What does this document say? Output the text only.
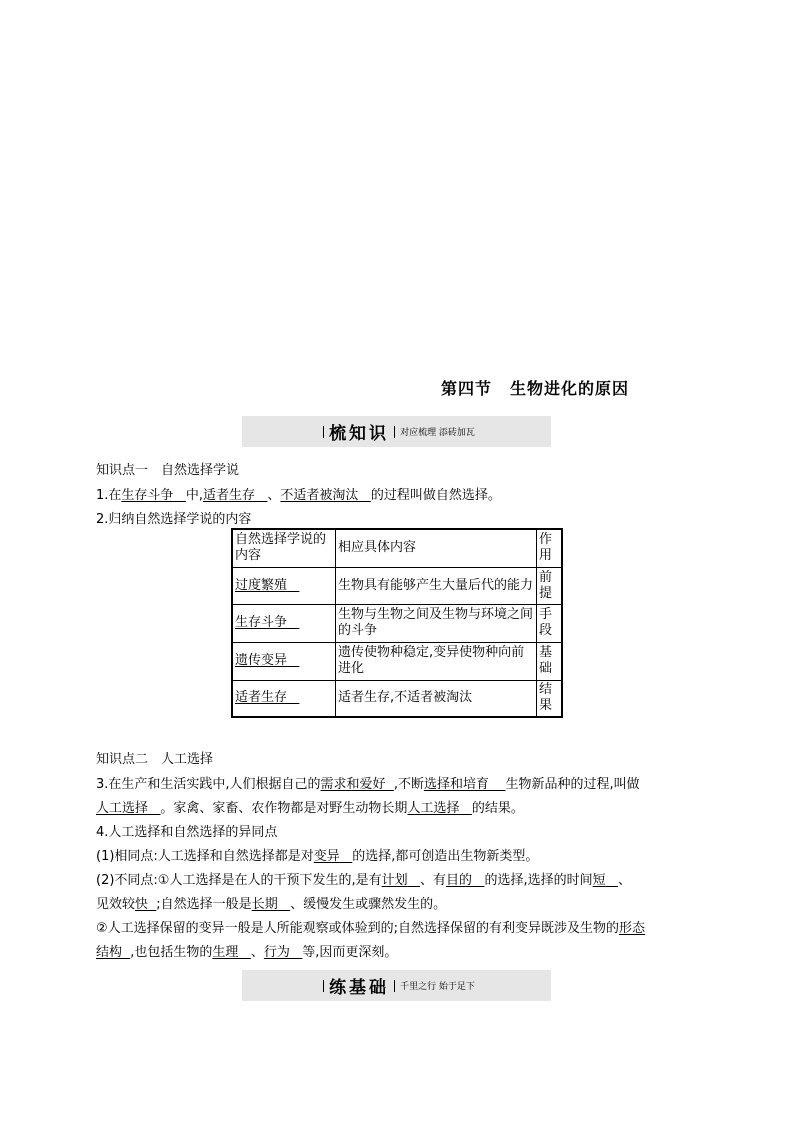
第四节 生物进化的原因
梳知识 对应梳理 添砖加瓦
知识点一　自然选择学说
1.在生存斗争 中,适者生存 、不适者被淘汰 的过程叫做自然选择。
2.归纳自然选择学说的内容
自然选择学说的内容	相应具体内容	作用
过度繁殖	生物具有能够产生大量后代的能力	前提
生存斗争	生物与生物之间及生物与环境之间的斗争	手段
遗传变异	遗传使物种稳定,变异使物种向前进化	基础
适者生存	适者生存,不适者被淘汰	结果
知识点二　人工选择
3.在生产和生活实践中,人们根据自己的需求和爱好 ,不断选择和培育 生物新品种的过程,叫做
人工选择 。家禽、家畜、农作物都是对野生动物长期人工选择 的结果。
4.人工选择和自然选择的异同点
(1)相同点:人工选择和自然选择都是对变异 的选择,都可创造出生物新类型。
(2)不同点:①人工选择是在人的干预下发生的,是有计划 、有目的 的选择,选择的时间短 、
见效较快 ;自然选择一般是长期 、缓慢发生或骤然发生的。
②人工选择保留的变异一般是人所能观察或体验到的;自然选择保留的有利变异既涉及生物的形态
结构 ,也包括生物的生理 、行为 等,因而更深刻。
练基础 千里之行 始于足下
